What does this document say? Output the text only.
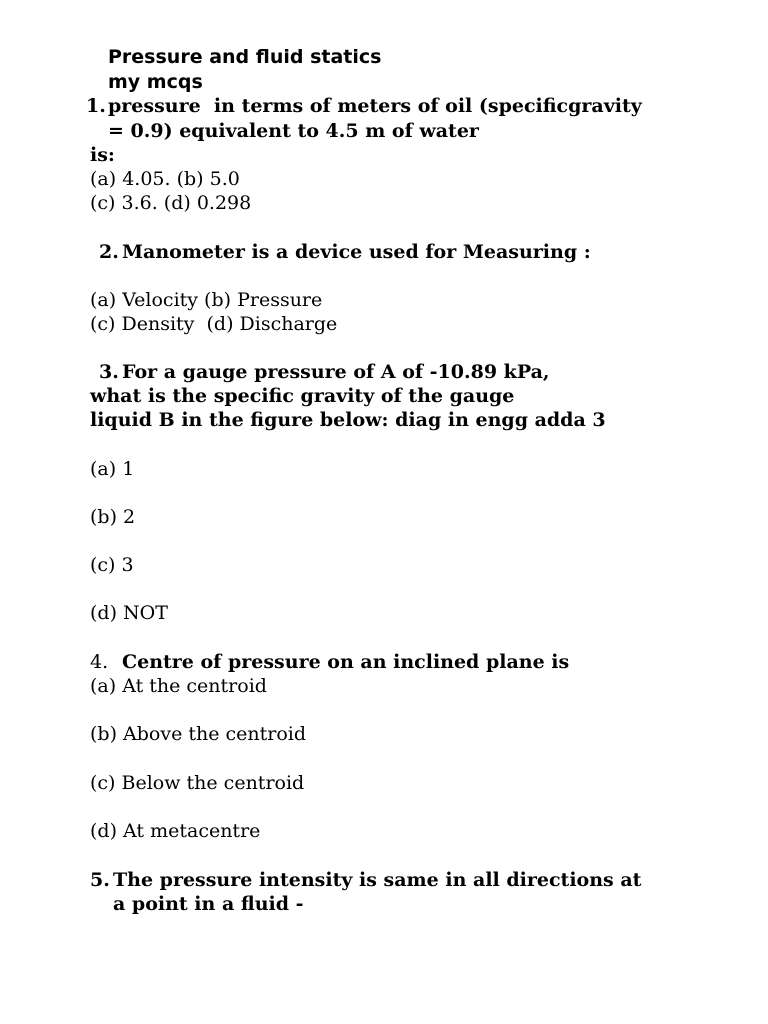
Pressure and fluid statics
my mcqs
1. pressure  in terms of meters of oil (specificgravity
= 0.9) equivalent to 4.5 m of water
is:
(a) 4.05. (b) 5.0
(c) 3.6. (d) 0.298
2. Manometer is a device used for Measuring :
(a) Velocity (b) Pressure
(c) Density  (d) Discharge
3. For a gauge pressure of A of -10.89 kPa,
what is the specific gravity of the gauge
liquid B in the figure below: diag in engg adda 3
(a) 1
(b) 2
(c) 3
(d) NOT
4. Centre of pressure on an inclined plane is
(a) At the centroid
(b) Above the centroid
(c) Below the centroid
(d) At metacentre
5. The pressure intensity is same in all directions at
a point in a fluid -
